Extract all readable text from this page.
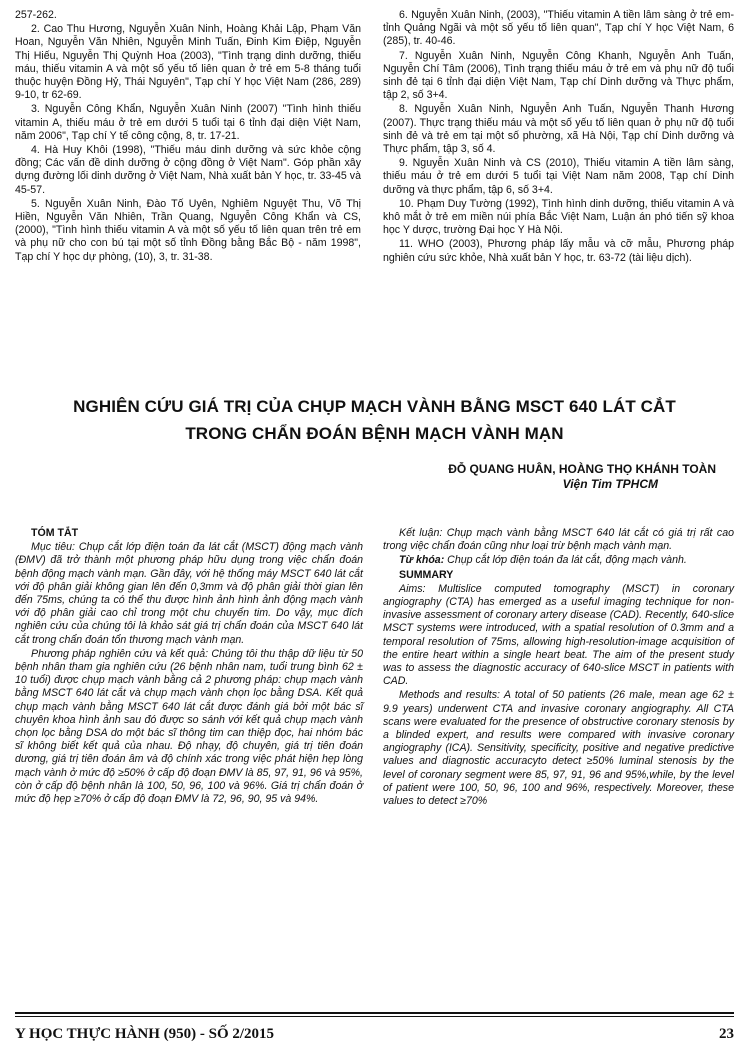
257-262.

2. Cao Thu Hương, Nguyễn Xuân Ninh, Hoàng Khải Lập, Phạm Văn Hoan, Nguyễn Văn Nhiên, Nguyễn Minh Tuấn, Đinh Kim Điệp, Nguyễn Thị Hiếu, Nguyễn Thị Quỳnh Hoa (2003), "Tình trạng dinh dưỡng, thiếu máu, thiếu vitamin A và một số yếu tố liên quan ở trẻ em 5-8 tháng tuổi thuộc huyện Đồng Hỷ, Thái Nguyên", Tạp chí Y học Việt Nam (286, 289) 9-10, tr 62-69.

3. Nguyễn Công Khẩn, Nguyễn Xuân Ninh (2007) "Tình hình thiếu vitamin A, thiếu máu ở trẻ em dưới 5 tuổi tại 6 tỉnh đại diện Việt Nam, năm 2006", Tạp chí Y tế công cộng, 8, tr. 17-21.

4. Hà Huy Khôi (1998), "Thiếu máu dinh dưỡng và sức khỏe cộng đồng; Các vấn đề dinh dưỡng ở cộng đồng ở Việt Nam". Góp phần xây dựng đường lối dinh dưỡng ở Việt Nam, Nhà xuất bản Y học, tr. 33-45 và 45-57.

5. Nguyễn Xuân Ninh, Đào Tố Uyên, Nghiêm Nguyệt Thu, Võ Thị Hiền, Nguyễn Văn Nhiên, Trần Quang, Nguyễn Công Khẩn và CS, (2000), "Tình hình thiếu vitamin A và một số yếu tố liên quan trên trẻ em và phụ nữ cho con bú tại một số tỉnh Đồng bằng Bắc Bộ - năm 1998", Tạp chí Y học dự phòng, (10), 3, tr. 31-38.

6. Nguyễn Xuân Ninh, (2003), "Thiếu vitamin A tiền lâm sàng ở trẻ em- tỉnh Quảng Ngãi và một số yếu tố liên quan", Tạp chí Y học Việt Nam, 6 (285), tr. 40-46.

7. Nguyễn Xuân Ninh, Nguyễn Công Khanh, Nguyễn Anh Tuấn, Nguyễn Chí Tâm (2006), Tình trạng thiếu máu ở trẻ em và phụ nữ độ tuổi sinh đẻ tại 6 tỉnh đại diện Việt Nam, Tạp chí Dinh dưỡng và Thực phẩm, tập 2, số 3+4.

8. Nguyễn Xuân Ninh, Nguyễn Anh Tuấn, Nguyễn Thanh Hương (2007). Thực trạng thiếu máu và một số yếu tố liên quan ở phụ nữ độ tuổi sinh đẻ và trẻ em tại một số phường, xã Hà Nội, Tạp chí Dinh dưỡng và Thực phẩm, tập 3, số 4.

9. Nguyễn Xuân Ninh và CS (2010), Thiếu vitamin A tiền lâm sàng, thiếu máu ở trẻ em dưới 5 tuổi tại Việt Nam năm 2008, Tạp chí Dinh dưỡng và thực phẩm, tập 6, số 3+4.

10. Phạm Duy Tường (1992), Tình hình dinh dưỡng, thiếu vitamin A và khô mắt ở trẻ em miền núi phía Bắc Việt Nam, Luận án phó tiến sỹ khoa học Y dược, trường Đại học Y Hà Nội.

11. WHO (2003), Phương pháp lấy mẫu và cỡ mẫu, Phương pháp nghiên cứu sức khỏe, Nhà xuất bản Y học, tr. 63-72 (tài liệu dịch).

NGHIÊN CỨU GIÁ TRỊ CỦA CHỤP MẠCH VÀNH BẰNG MSCT 640 LÁT CẮT
TRONG CHẨN ĐOÁN BỆNH MẠCH VÀNH MẠN
ĐỖ QUANG HUÂN, HOÀNG THỌ KHÁNH TOÀN
Viện Tim TPHCM

TÓM TẮT

Mục tiêu: Chụp cắt lớp điện toán đa lát cắt (MSCT) động mạch vành (ĐMV) đã trở thành một phương pháp hữu dụng trong việc chẩn đoán bệnh động mạch vành mạn. Gần đây, với hệ thống máy MSCT 640 lát cắt với độ phân giải không gian lên đến 0,3mm và độ phân giải thời gian lên đến 75ms, chúng ta có thể thu được hình ảnh hình ảnh động mạch vành với độ phân giải cao chỉ trong một chu chuyển tim. Do vậy, mục đích nghiên cứu của chúng tôi là khảo sát giá trị chẩn đoán của MSCT 640 lát cắt trong chẩn đoán tổn thương mạch vành mạn.

Phương pháp nghiên cứu và kết quả: Chúng tôi thu thập dữ liệu từ 50 bệnh nhân tham gia nghiên cứu (26 bệnh nhân nam, tuổi trung bình 62 ± 10 tuổi) được chụp mạch vành bằng cả 2 phương pháp: chụp mạch vành bằng MSCT 640 lát cắt và chụp mạch vành chọn lọc bằng DSA. Kết quả chụp mạch vành bằng MSCT 640 lát cắt được đánh giá bởi một bác sĩ chuyên khoa hình ảnh sau đó được so sánh với kết quả chụp mạch vành chọn lọc bằng DSA do một bác sĩ thông tim can thiệp đọc, hai nhóm bác sĩ không biết kết quả của nhau. Độ nhạy, độ chuyên, giá trị tiên đoán dương, giá trị tiên đoán âm và độ chính xác trong việc phát hiện hẹp lòng mạch vành ở mức độ ≥50% ở cấp độ đoạn ĐMV là 85, 97, 91, 96 và 95%, còn ở cấp độ bệnh nhân là 100, 50, 96, 100 và 96%. Giá trị chẩn đoán ở mức độ hẹp ≥70% ở cấp độ đoạn ĐMV là 72, 96, 90, 95 và 94%.

Kết luận: Chụp mạch vành bằng MSCT 640 lát cắt có giá trị rất cao trong việc chẩn đoán cũng như loại trừ bệnh mạch vành mạn.

Từ khóa: Chụp cắt lớp điện toán đa lát cắt, động mạch vành.

SUMMARY

Aims: Multislice computed tomography (MSCT) in coronary angiography (CTA) has emerged as a useful imaging technique for non-invasive assessment of coronary artery disease (CAD). Recently, 640-slice MSCT systems were introduced, with a spatial resolution of 0.3mm and a temporal resolution of 75ms, allowing high-resolution-image acquisition of the entire heart within a single heart beat. The aim of the present study was to assess the diagnostic accuracy of 640-slice MSCT in patients with CAD.

Methods and results: A total of 50 patients (26 male, mean age 62 ± 9.9 years) underwent CTA and invasive coronary angiography. All CTA scans were evaluated for the presence of obstructive coronary stenosis by a blinded expert, and results were compared with invasive coronary angiography (ICA). Sensitivity, specificity, positive and negative predictive values and diagnostic accuracyto detect ≥50% luminal stenosis by the level of coronary segment were 85, 97, 91, 96 and 95%,while, by the level of patient were 100, 50, 96, 100 and 96%, respectively. Moreover, these values to detect ≥70%

Y HỌC THỰC HÀNH (950) - SỐ 2/2015	23
